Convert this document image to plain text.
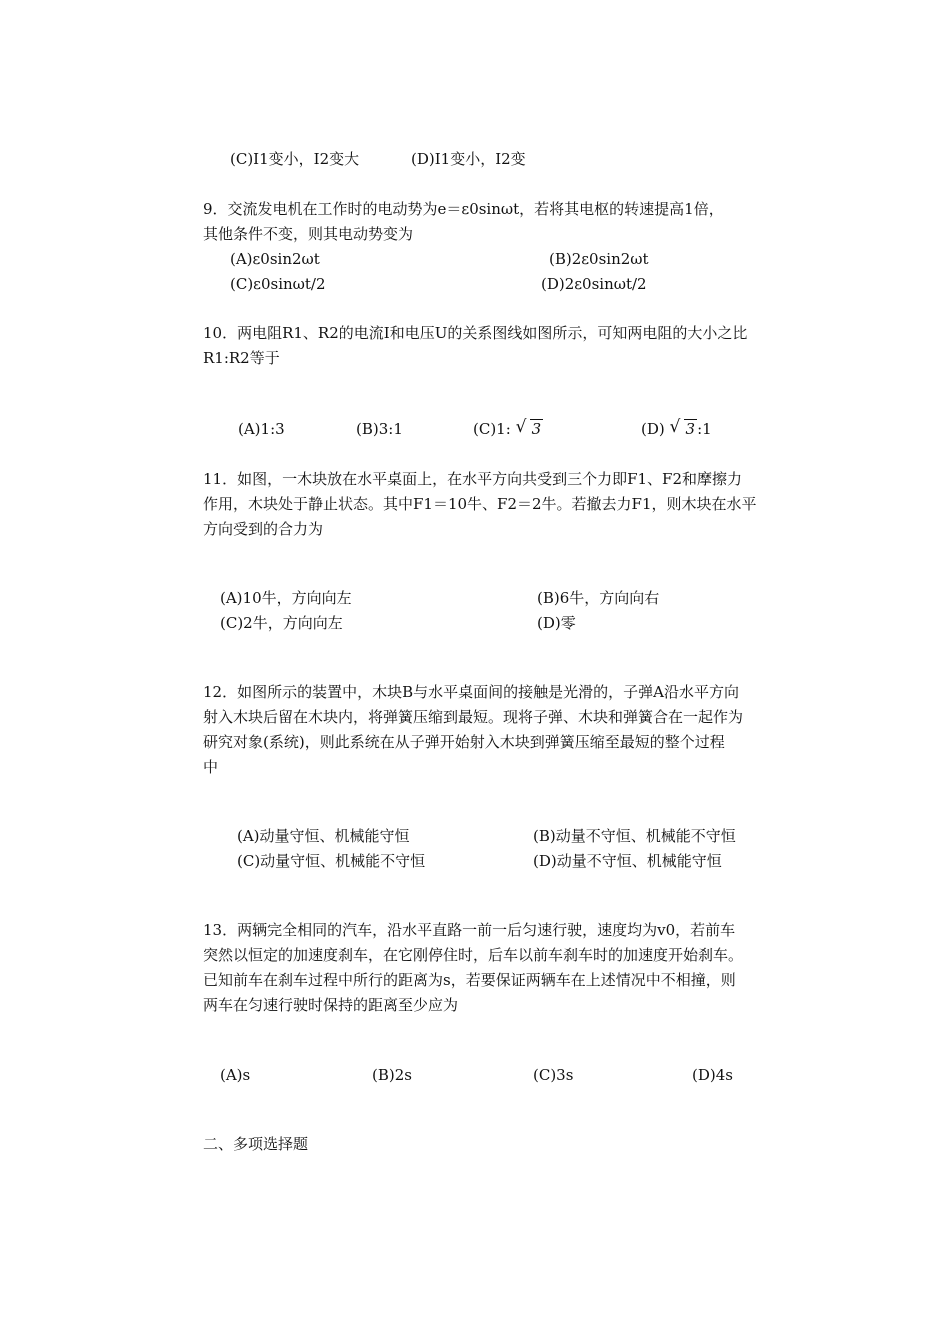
(C)I1变小，I2变大	(D)I1变小，I2变
9．交流发电机在工作时的电动势为e＝ε0sinωt，若将其电枢的转速提高1倍，
其他条件不变，则其电动势变为
(A)ε0sin2ωt	(B)2ε0sin2ωt
(C)ε0sinωt/2	(D)2ε0sinωt/2
10．两电阻R1、R2的电流I和电压U的关系图线如图所示，可知两电阻的大小之比
R1:R2等于
(A)1:3	(B)3:1	(C)1: √ 3	(D) √ 3 :1
11．如图，一木块放在水平桌面上，在水平方向共受到三个力即F1、F2和摩擦力
作用，木块处于静止状态。其中F1＝10牛、F2＝2牛。若撤去力F1，则木块在水平
方向受到的合力为
(A)10牛，方向向左	(B)6牛，方向向右
(C)2牛，方向向左	(D)零
12．如图所示的装置中，木块B与水平桌面间的接触是光滑的，子弹A沿水平方向
射入木块后留在木块内，将弹簧压缩到最短。现将子弹、木块和弹簧合在一起作为
研究对象(系统)，则此系统在从子弹开始射入木块到弹簧压缩至最短的整个过程
中
(A)动量守恒、机械能守恒	(B)动量不守恒、机械能不守恒
(C)动量守恒、机械能不守恒	(D)动量不守恒、机械能守恒
13．两辆完全相同的汽车，沿水平直路一前一后匀速行驶，速度均为v0，若前车
突然以恒定的加速度刹车，在它刚停住时，后车以前车刹车时的加速度开始刹车。
已知前车在刹车过程中所行的距离为s，若要保证两辆车在上述情况中不相撞，则
两车在匀速行驶时保持的距离至少应为
(A)s	(B)2s	(C)3s	(D)4s
二、多项选择题
